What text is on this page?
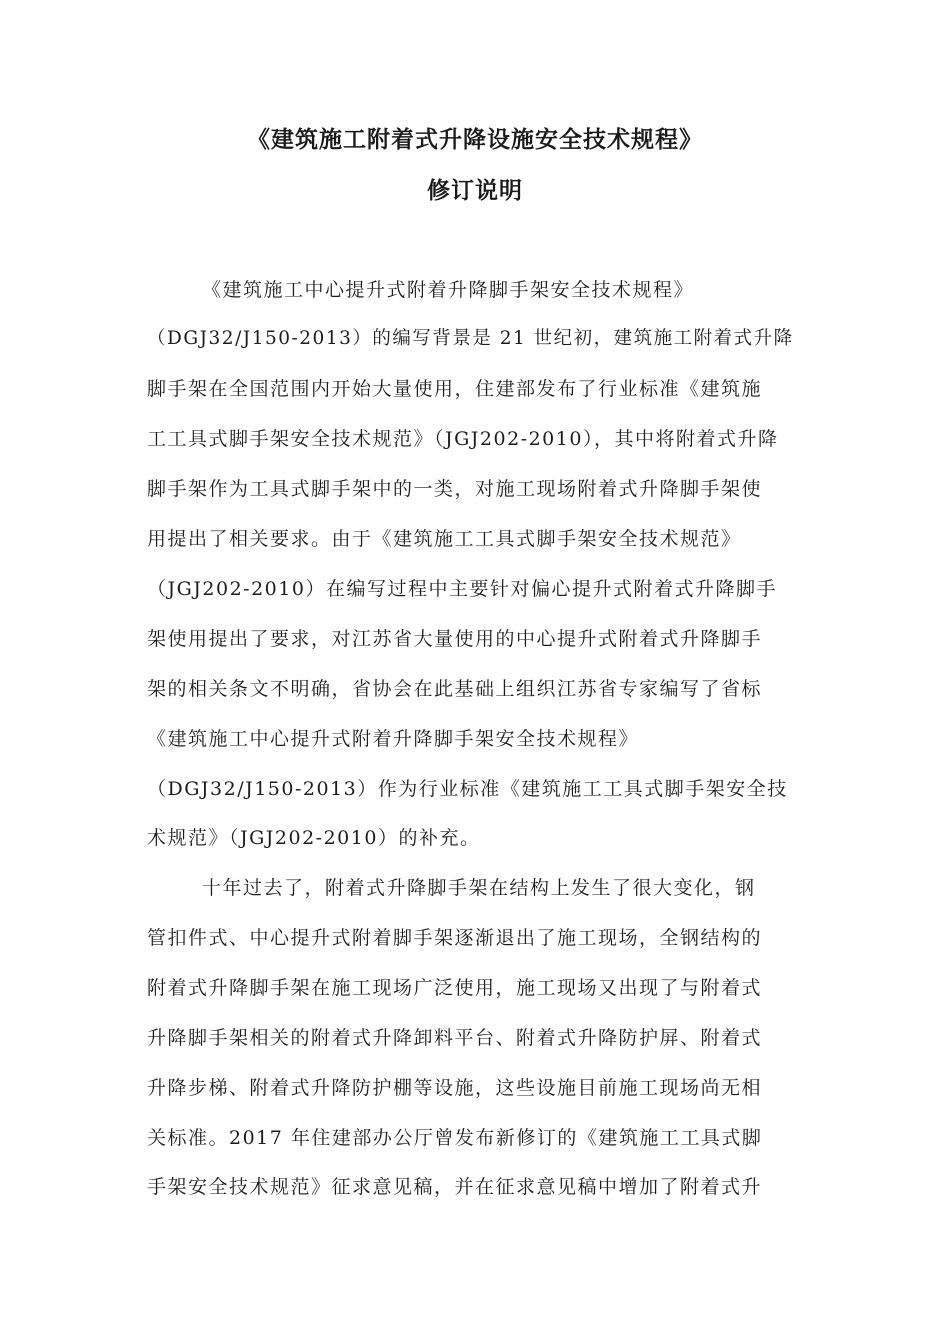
《建筑施工附着式升降设施安全技术规程》
修订说明
《建筑施工中心提升式附着升降脚手架安全技术规程》
（DGJ32/J150-2013）的编写背景是 21 世纪初，建筑施工附着式升降
脚手架在全国范围内开始大量使用，住建部发布了行业标准《建筑施
工工具式脚手架安全技术规范》（JGJ202-2010），其中将附着式升降
脚手架作为工具式脚手架中的一类，对施工现场附着式升降脚手架使
用提出了相关要求。由于《建筑施工工具式脚手架安全技术规范》
（JGJ202-2010）在编写过程中主要针对偏心提升式附着式升降脚手
架使用提出了要求，对江苏省大量使用的中心提升式附着式升降脚手
架的相关条文不明确，省协会在此基础上组织江苏省专家编写了省标
《建筑施工中心提升式附着升降脚手架安全技术规程》
（DGJ32/J150-2013）作为行业标准《建筑施工工具式脚手架安全技
术规范》（JGJ202-2010）的补充。
十年过去了，附着式升降脚手架在结构上发生了很大变化，钢
管扣件式、中心提升式附着脚手架逐渐退出了施工现场，全钢结构的
附着式升降脚手架在施工现场广泛使用，施工现场又出现了与附着式
升降脚手架相关的附着式升降卸料平台、附着式升降防护屏、附着式
升降步梯、附着式升降防护棚等设施，这些设施目前施工现场尚无相
关标准。2017 年住建部办公厅曾发布新修订的《建筑施工工具式脚
手架安全技术规范》征求意见稿，并在征求意见稿中增加了附着式升
